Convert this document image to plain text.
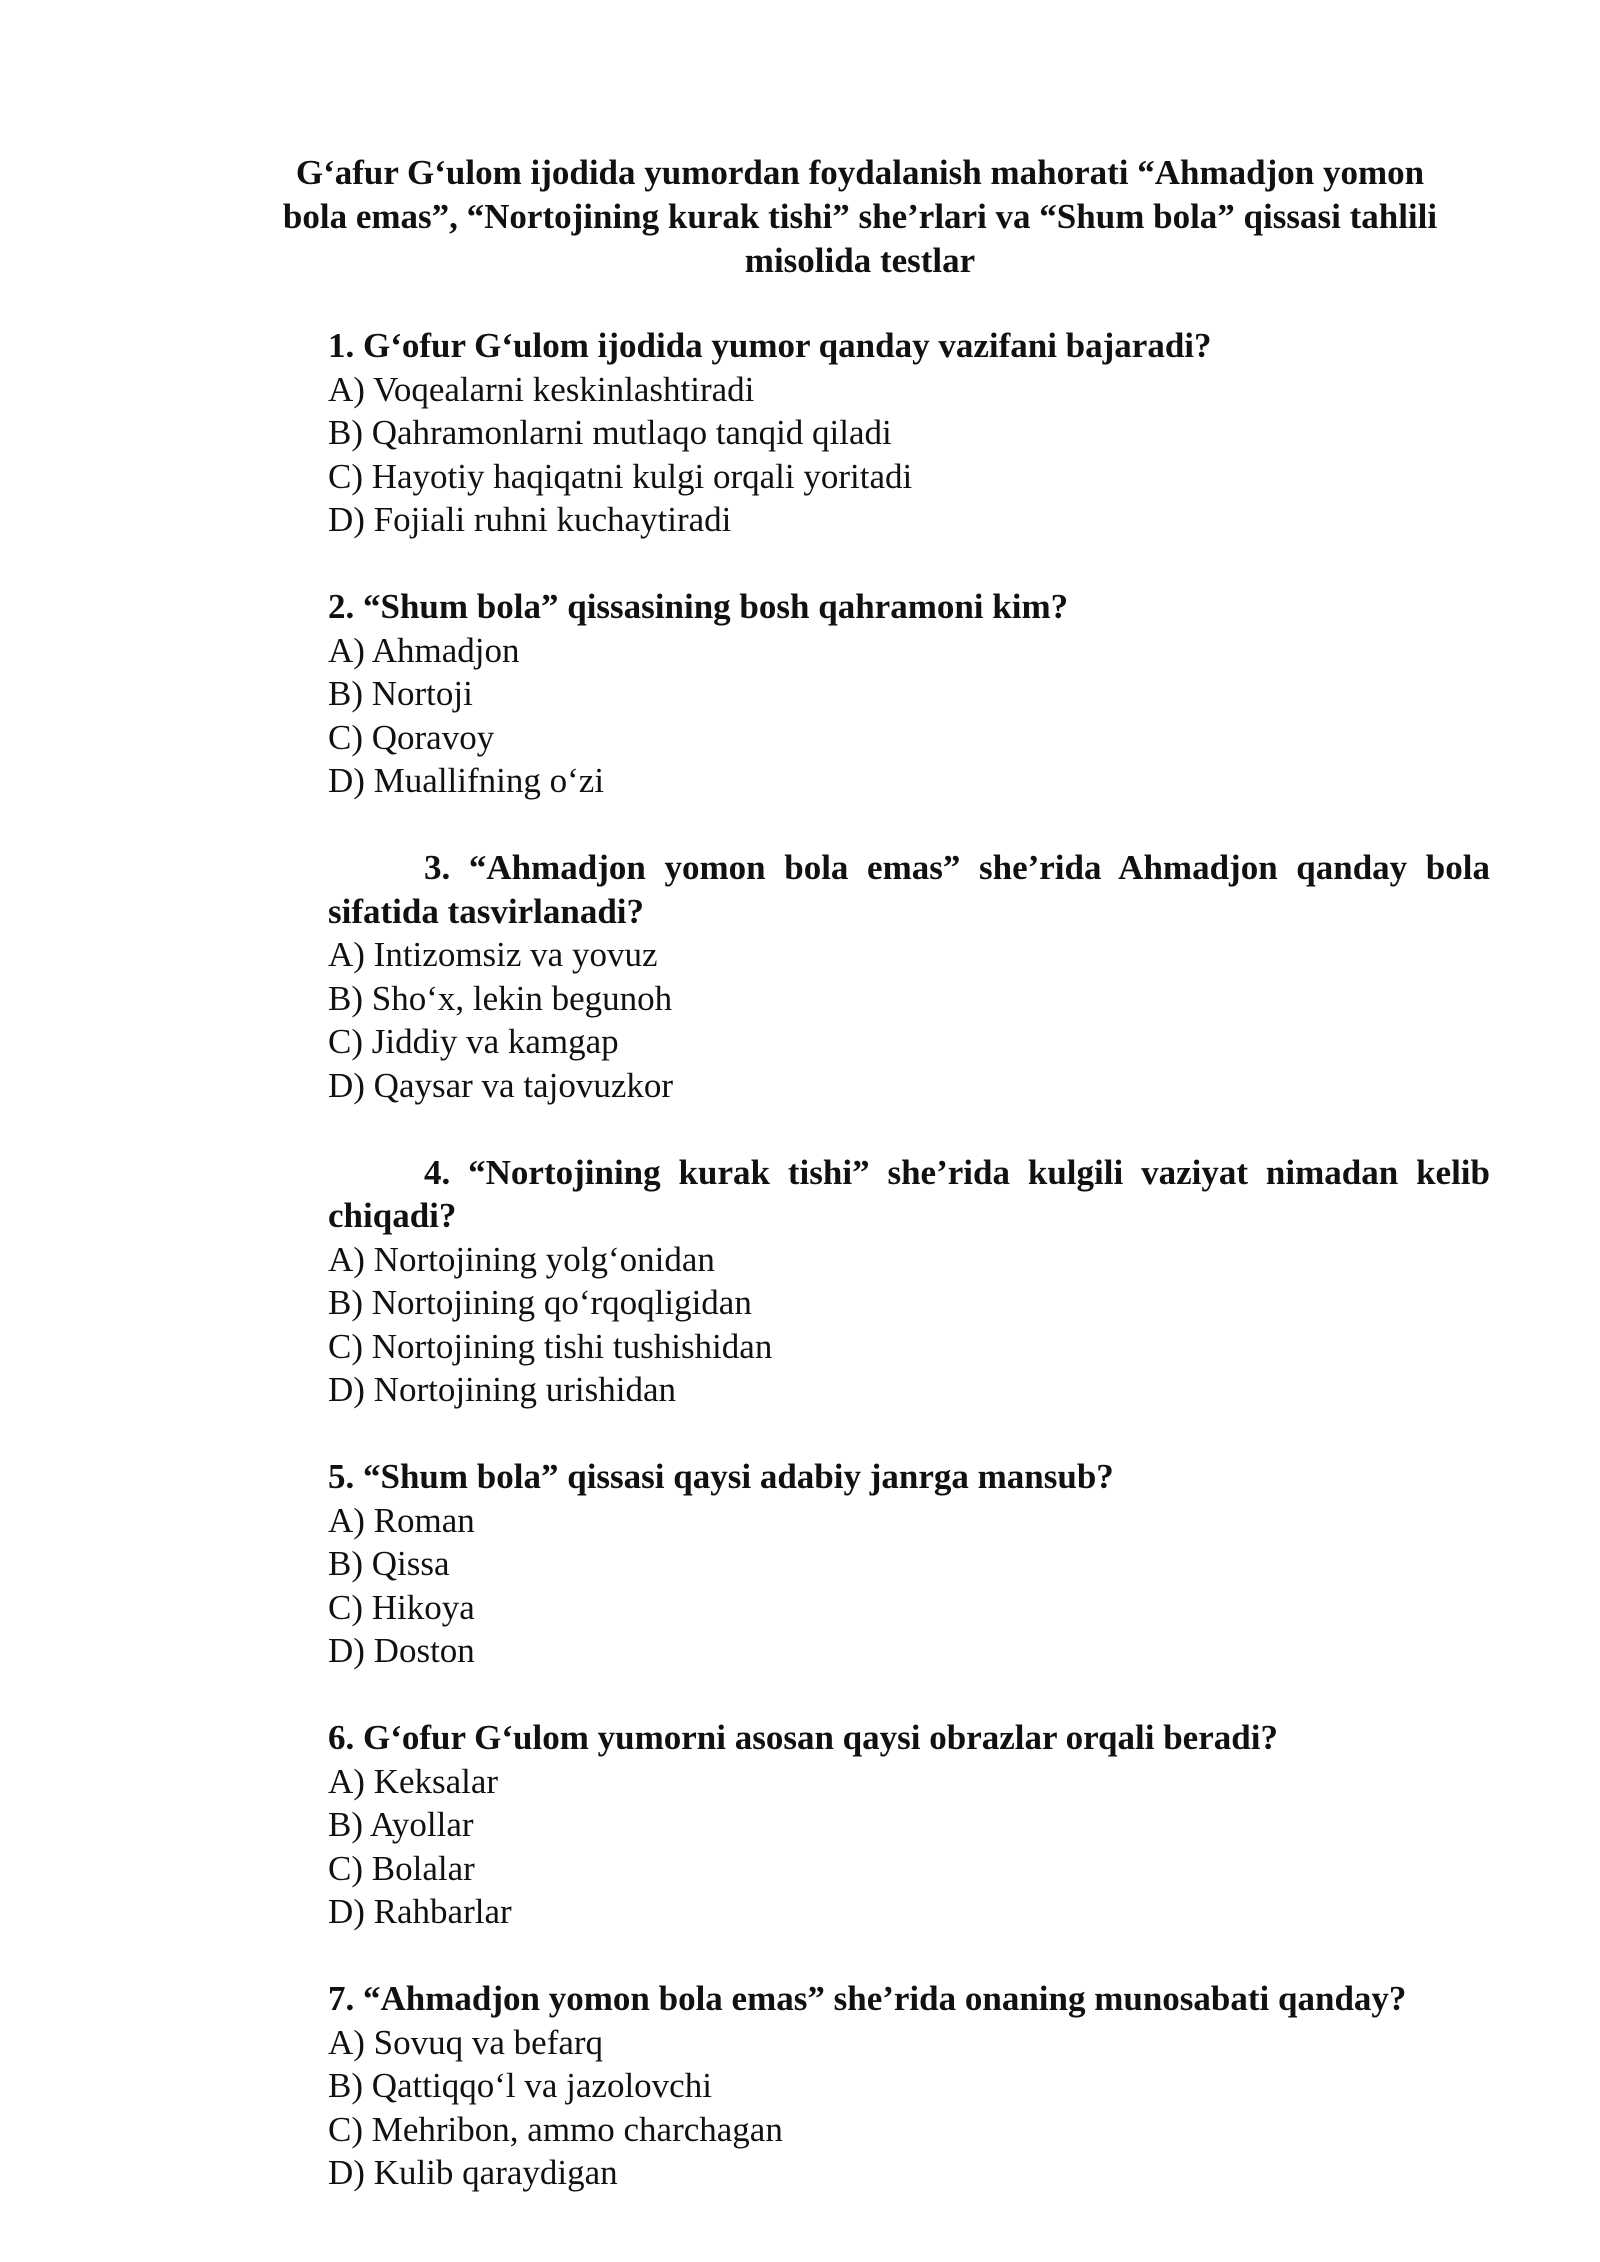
G‘afur G‘ulom ijodida yumordan foydalanish mahorati “Ahmadjon yomon
bola emas”, “Nortojining kurak tishi” she’rlari va “Shum bola” qissasi tahlili
misolida testlar
1. G‘ofur G‘ulom ijodida yumor qanday vazifani bajaradi?
A) Voqealarni keskinlashtiradi
B) Qahramonlarni mutlaqo tanqid qiladi
C) Hayotiy haqiqatni kulgi orqali yoritadi
D) Fojiali ruhni kuchaytiradi
2. “Shum bola” qissasining bosh qahramoni kim?
A) Ahmadjon
B) Nortoji
C) Qoravoy
D) Muallifning o‘zi
3. “Ahmadjon yomon bola emas” she’rida Ahmadjon qanday bola
sifatida tasvirlanadi?
A) Intizomsiz va yovuz
B) Sho‘x, lekin begunoh
C) Jiddiy va kamgap
D) Qaysar va tajovuzkor
4. “Nortojining kurak tishi” she’rida kulgili vaziyat nimadan kelib
chiqadi?
A) Nortojining yolg‘onidan
B) Nortojining qo‘rqoqligidan
C) Nortojining tishi tushishidan
D) Nortojining urishidan
5. “Shum bola” qissasi qaysi adabiy janrga mansub?
A) Roman
B) Qissa
C) Hikoya
D) Doston
6. G‘ofur G‘ulom yumorni asosan qaysi obrazlar orqali beradi?
A) Keksalar
B) Ayollar
C) Bolalar
D) Rahbarlar
7. “Ahmadjon yomon bola emas” she’rida onaning munosabati qanday?
A) Sovuq va befarq
B) Qattiqqo‘l va jazolovchi
C) Mehribon, ammo charchagan
D) Kulib qaraydigan
